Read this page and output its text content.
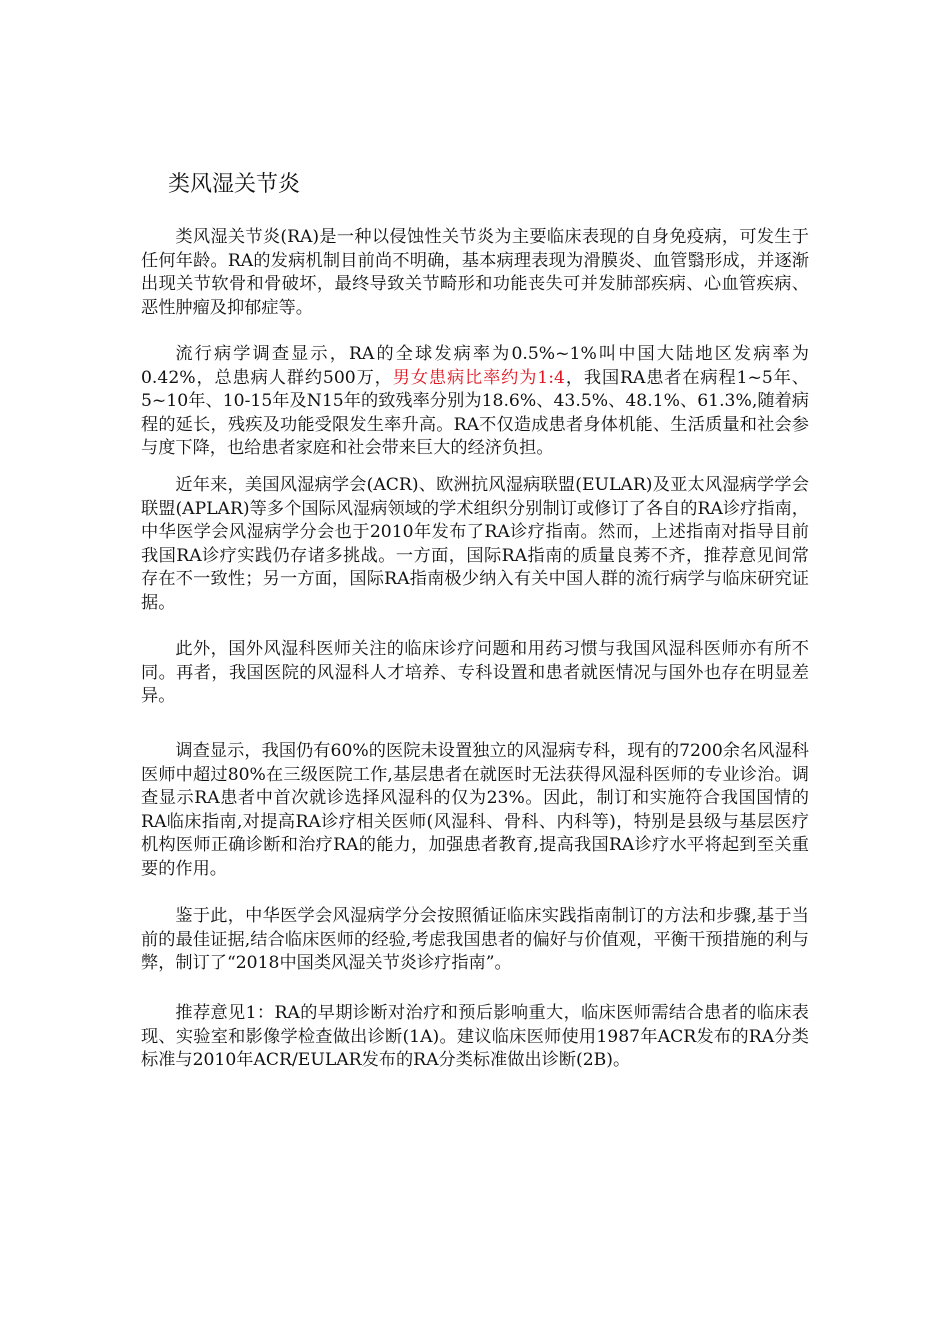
类风湿关节炎

类风湿关节炎(RA)是一种以侵蚀性关节炎为主要临床表现的自身免疫病，可发生于任何年龄。RA的发病机制目前尚不明确，基本病理表现为滑膜炎、血管翳形成，并逐渐出现关节软骨和骨破坏，最终导致关节畸形和功能丧失可并发肺部疾病、心血管疾病、恶性肿瘤及抑郁症等。

流行病学调查显示，RA的全球发病率为0.5%~1%叫中国大陆地区发病率为0.42%，总患病人群约500万，男女患病比率约为1:4，我国RA患者在病程1~5年、5~10年、10-15年及N15年的致残率分别为18.6%、43.5%、48.1%、61.3%,随着病程的延长，残疾及功能受限发生率升高。RA不仅造成患者身体机能、生活质量和社会参与度下降，也给患者家庭和社会带来巨大的经济负担。

近年来，美国风湿病学会(ACR)、欧洲抗风湿病联盟(EULAR)及亚太风湿病学学会联盟(APLAR)等多个国际风湿病领域的学术组织分别制订或修订了各自的RA诊疗指南，中华医学会风湿病学分会也于2010年发布了RA诊疗指南。然而，上述指南对指导目前我国RA诊疗实践仍存诸多挑战。一方面，国际RA指南的质量良莠不齐，推荐意见间常存在不一致性；另一方面，国际RA指南极少纳入有关中国人群的流行病学与临床研究证据。

此外，国外风湿科医师关注的临床诊疗问题和用药习惯与我国风湿科医师亦有所不同。再者，我国医院的风湿科人才培养、专科设置和患者就医情况与国外也存在明显差异。

调查显示，我国仍有60%的医院未设置独立的风湿病专科，现有的7200余名风湿科医师中超过80%在三级医院工作,基层患者在就医时无法获得风湿科医师的专业诊治。调查显示RA患者中首次就诊选择风湿科的仅为23%。因此，制订和实施符合我国国情的RA临床指南,对提高RA诊疗相关医师(风湿科、骨科、内科等)，特别是县级与基层医疗机构医师正确诊断和治疗RA的能力，加强患者教育,提高我国RA诊疗水平将起到至关重要的作用。

鉴于此，中华医学会风湿病学分会按照循证临床实践指南制订的方法和步骤,基于当前的最佳证据,结合临床医师的经验,考虑我国患者的偏好与价值观，平衡干预措施的利与弊，制订了“2018中国类风湿关节炎诊疗指南”。

推荐意见1：RA的早期诊断对治疗和预后影响重大，临床医师需结合患者的临床表现、实验室和影像学检查做出诊断(1A)。建议临床医师使用1987年ACR发布的RA分类标准与2010年ACR/EULAR发布的RA分类标准做出诊断(2B)。
